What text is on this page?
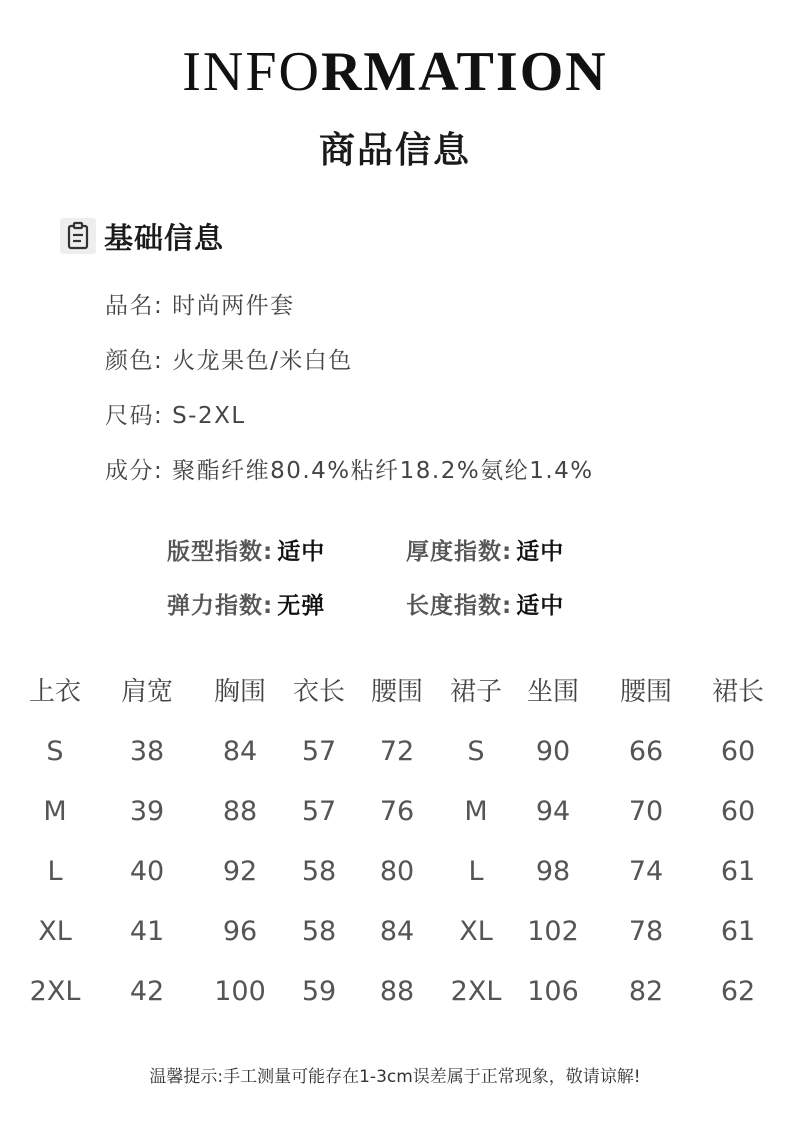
INFORMATION
商品信息
基础信息
品名: 时尚两件套
颜色: 火龙果色/米白色
尺码: S-2XL
成分: 聚酯纤维80.4%粘纤18.2%氨纶1.4%
版型指数: 适中	厚度指数: 适中
弹力指数: 无弹	长度指数: 适中
上衣 肩宽 胸围 衣长 腰围 裙子 坐围 腰围 裙长
S 38 84 57 72 S 90 66 60
M 39 88 57 76 M 94 70 60
L 40 92 58 80 L 98 74 61
XL 41 96 58 84 XL 102 78 61
2XL 42 100 59 88 2XL 106 82 62
温馨提示:手工测量可能存在1-3cm误差属于正常现象，敬请谅解!
